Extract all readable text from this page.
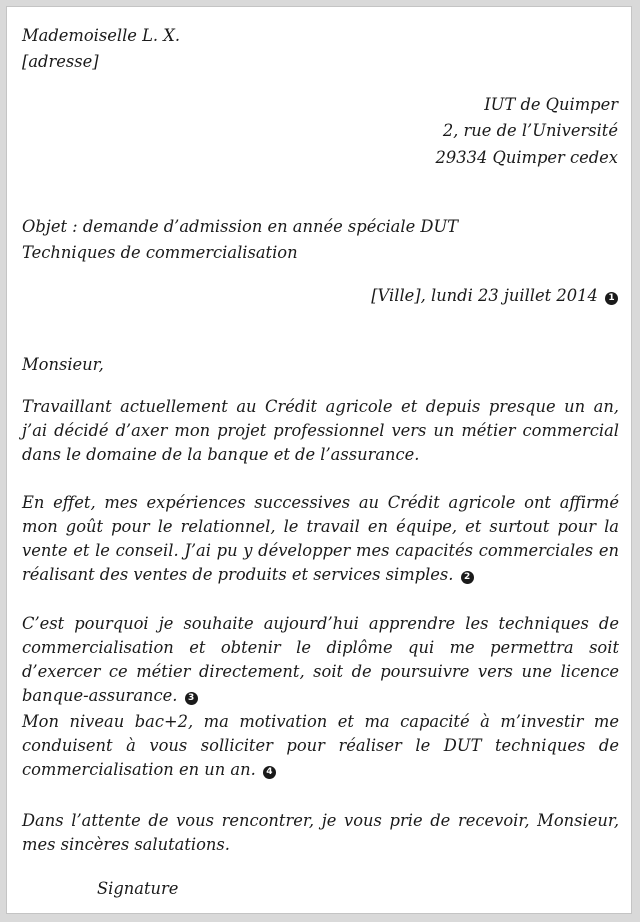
Mademoiselle L. X.

[adresse]

IUT de Quimper

2, rue de l’Université

29334 Quimper cedex

Objet : demande d’admission en année spéciale DUT

Techniques de commercialisation

[Ville], lundi 23 juillet 2014 1

Monsieur,

Travaillant actuellement au Crédit agricole et depuis presque un an, j’ai décidé d’axer mon projet professionnel vers un métier commercial dans le domaine de la banque et de l’assurance.

En effet, mes expériences successives au Crédit agricole ont affirmé mon goût pour le relationnel, le travail en équipe, et surtout pour la vente et le conseil. J’ai pu y développer mes capacités commerciales en réalisant des ventes de produits et services simples. 2

C’est pourquoi je souhaite aujourd’hui apprendre les techniques de commercialisation et obtenir le diplôme qui me permettra soit d’exercer ce métier directement, soit de poursuivre vers une licence banque-assurance. 3

Mon niveau bac+2, ma motivation et ma capacité à m’investir me conduisent à vous solliciter pour réaliser le DUT techniques de commercialisation en un an. 4

Dans l’attente de vous rencontrer, je vous prie de recevoir, Monsieur, mes sincères salutations.

Signature
